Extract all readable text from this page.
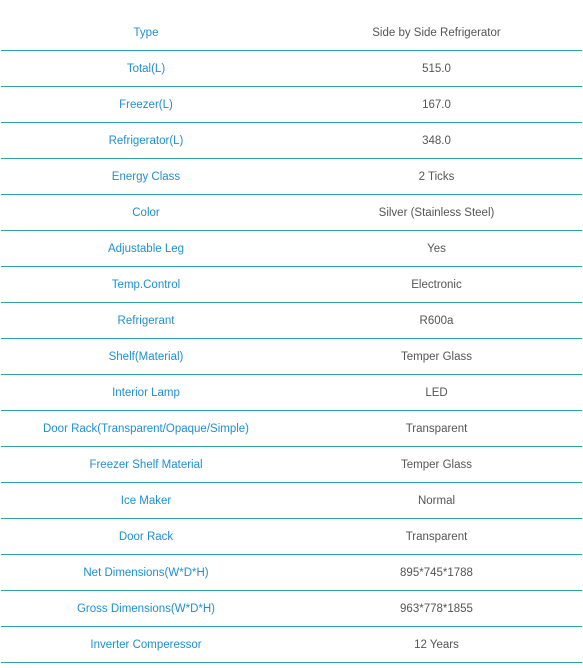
Type	Side by Side Refrigerator
Total(L)	515.0
Freezer(L)	167.0
Refrigerator(L)	348.0
Energy Class	2 Ticks
Color	Silver (Stainless Steel)
Adjustable Leg	Yes
Temp.Control	Electronic
Refrigerant	R600a
Shelf(Material)	Temper Glass
Interior Lamp	LED
Door Rack(Transparent/Opaque/Simple)	Transparent
Freezer Shelf Material	Temper Glass
Ice Maker	Normal
Door Rack	Transparent
Net Dimensions(W*D*H)	895*745*1788
Gross Dimensions(W*D*H)	963*778*1855
Inverter Comperessor	12 Years
